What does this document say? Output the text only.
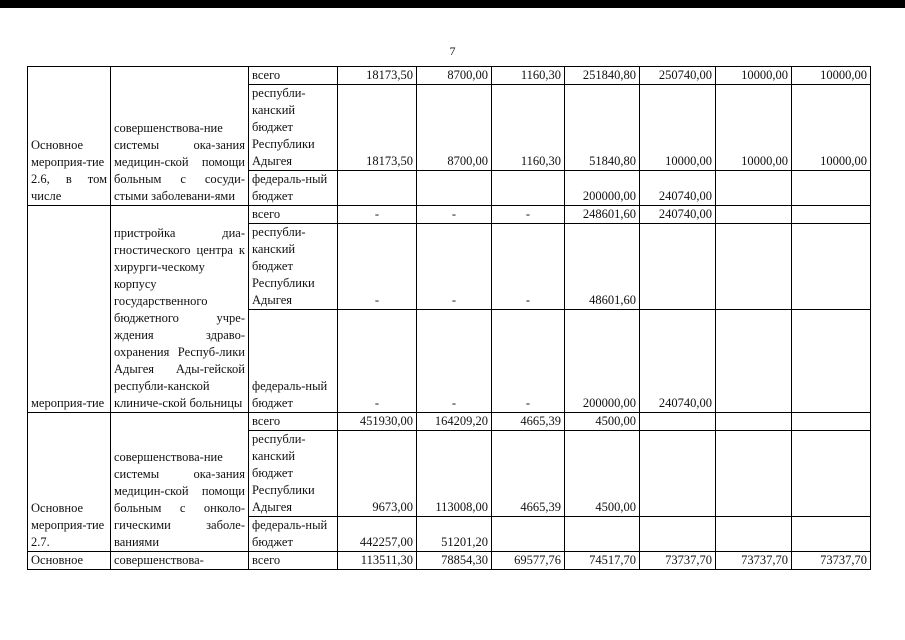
7
Основное мероприя-тие 2.6, в том числе	совершенствова-ние системы ока-зания медицин-ской помощи больным с сосуди-стыми заболевани-ями	всего	18173,50	8700,00	1160,30	251840,80	250740,00	10000,00	10000,00
		республи-канский бюджет Республики Адыгея	18173,50	8700,00	1160,30	51840,80	10000,00	10000,00	10000,00
		федераль-ный бюджет				200000,00	240740,00		
мероприя-тие	пристройка диа-гностического центра к хирурги-ческому корпусу государственного бюджетного учре-ждения здраво-охранения Респуб-лики Адыгея Ады-гейской республи-канской клиниче-ской больницы	всего	-	-	-	248601,60	240740,00		
		республи-канский бюджет Республики Адыгея	-	-	-	48601,60			
		федераль-ный бюджет	-	-	-	200000,00	240740,00		
Основное мероприя-тие 2.7.	совершенствова-ние системы ока-зания медицин-ской помощи больным с онколо-гическими заболе-ваниями	всего	451930,00	164209,20	4665,39	4500,00			
		республи-канский бюджет Республики Адыгея	9673,00	113008,00	4665,39	4500,00			
		федераль-ный бюджет	442257,00	51201,20					
Основное	совершенствова-	всего	113511,30	78854,30	69577,76	74517,70	73737,70	73737,70	73737,70
